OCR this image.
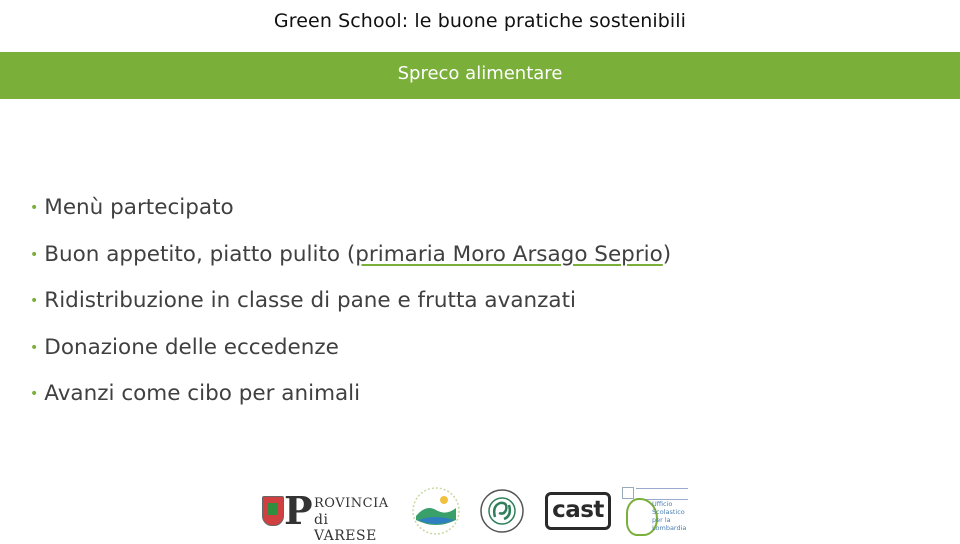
Green School: le buone pratiche sostenibili
Spreco alimentare
• Menù partecipato
• Buon appetito, piatto pulito (primaria Moro Arsago Seprio)
• Ridistribuzione in classe di pane e frutta avanzati
• Donazione delle eccedenze
• Avanzi come cibo per animali
P ROVINCIA
di VARESE
cast	Ufficio Scolastico per la Lombardia
